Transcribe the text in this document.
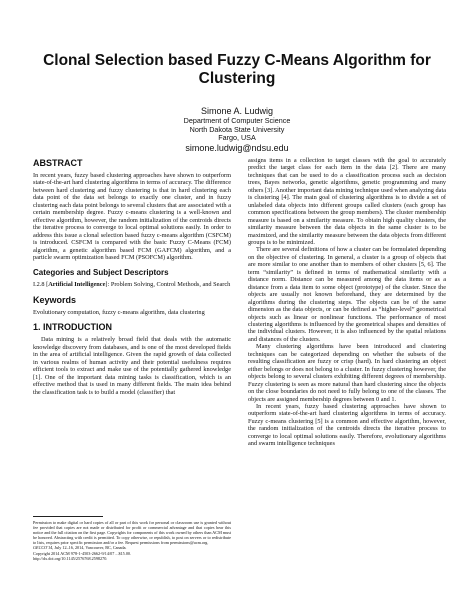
Clonal Selection based Fuzzy C-Means Algorithm for Clustering
Simone A. Ludwig
Department of Computer Science
North Dakota State University
Fargo, USA
simone.ludwig@ndsu.edu
ABSTRACT

In recent years, fuzzy based clustering approaches have shown to outperform state-of-the-art hard clustering algorithms in terms of accuracy. The difference between hard clustering and fuzzy clustering is that in hard clustering each data point of the data set belongs to exactly one cluster, and in fuzzy clustering each data point belongs to several clusters that are associated with a certain membership degree. Fuzzy c-means clustering is a well-known and effective algorithm, however, the random initialization of the centroids directs the iterative process to converge to local optimal solutions easily. In order to address this issue a clonal selection based fuzzy c-means algorithm (CSFCM) is introduced. CSFCM is compared with the basic Fuzzy C-Means (FCM) algorithm, a genetic algorithm based FCM (GAFCM) algorithm, and a particle swarm optimization based FCM (PSOFCM) algorithm.

Categories and Subject Descriptors

I.2.8 [Artificial Intelligence]: Problem Solving, Control Methods, and Search

Keywords

Evolutionary computation, fuzzy c-means algorithm, data clustering

1. INTRODUCTION

Data mining is a relatively broad field that deals with the automatic knowledge discovery from databases, and is one of the most developed fields in the area of artificial intelligence. Given the rapid growth of data collected in various realms of human activity and their potential usefulness requires efficient tools to extract and make use of the potentially gathered knowledge [1]. One of the important data mining tasks is classification, which is an effective method that is used in many different fields. The main idea behind the classification task is to build a model (classifier) that

Permission to make digital or hard copies of all or part of this work for personal or classroom use is granted without fee provided that copies are not made or distributed for profit or commercial advantage and that copies bear this notice and the full citation on the first page. Copyrights for components of this work owned by others than ACM must be honored. Abstracting with credit is permitted. To copy otherwise, or republish, to post on servers or to redistribute to lists, requires prior specific permission and/or a fee. Request permissions from permissions@acm.org.
GECCO'14, July 12–16, 2014, Vancouver, BC, Canada.
Copyright 2014 ACM 978-1-4503-2662-9/14/07 ...$15.00.
http://dx.doi.org/10.1145/2576768.2598270.

assigns items in a collection to target classes with the goal to accurately predict the target class for each item in the data [2]. There are many techniques that can be used to do a classification process such as decision trees, Bayes networks, genetic algorithms, genetic programming and many others [3]. Another important data mining technique used when analyzing data is clustering [4]. The main goal of clustering algorithms is to divide a set of unlabeled data objects into different groups called clusters (each group has common specifications between the group members). The cluster membership measure is based on a similarity measure. To obtain high quality clusters, the similarity measure between the data objects in the same cluster is to be maximized, and the similarity measure between the data objects from different groups is to be minimized.

There are several definitions of how a cluster can be formulated depending on the objective of clustering. In general, a cluster is a group of objects that are more similar to one another than to members of other clusters [5, 6]. The term “similarity” is defined in terms of mathematical similarity with a distance norm. Distance can be measured among the data items or as a distance from a data item to some object (prototype) of the cluster. Since the objects are usually not known beforehand, they are determined by the algorithms during the clustering steps. The objects can be of the same dimension as the data objects, or can be defined as “higher-level” geometrical objects such as linear or nonlinear functions. The performance of most clustering algorithms is influenced by the geometrical shapes and densities of the individual clusters. However, it is also influenced by the spatial relations and distances of the clusters.

Many clustering algorithms have been introduced and clustering techniques can be categorized depending on whether the subsets of the resulting classification are fuzzy or crisp (hard). In hard clustering an object either belongs or does not belong to a cluster. In fuzzy clustering however, the objects belong to several clusters exhibiting different degrees of membership. Fuzzy clustering is seen as more natural than hard clustering since the objects on the close boundaries do not need to fully belong to one of the classes. The objects are assigned membership degrees between 0 and 1.

In recent years, fuzzy based clustering approaches have shown to outperform state-of-the-art hard clustering algorithms in terms of accuracy. Fuzzy c-means clustering [5] is a common and effective algorithm, however, the random initialization of the centroids directs the iterative process to converge to local optimal solutions easily. Therefore, evolutionary algorithms and swarm intelligence techniques
